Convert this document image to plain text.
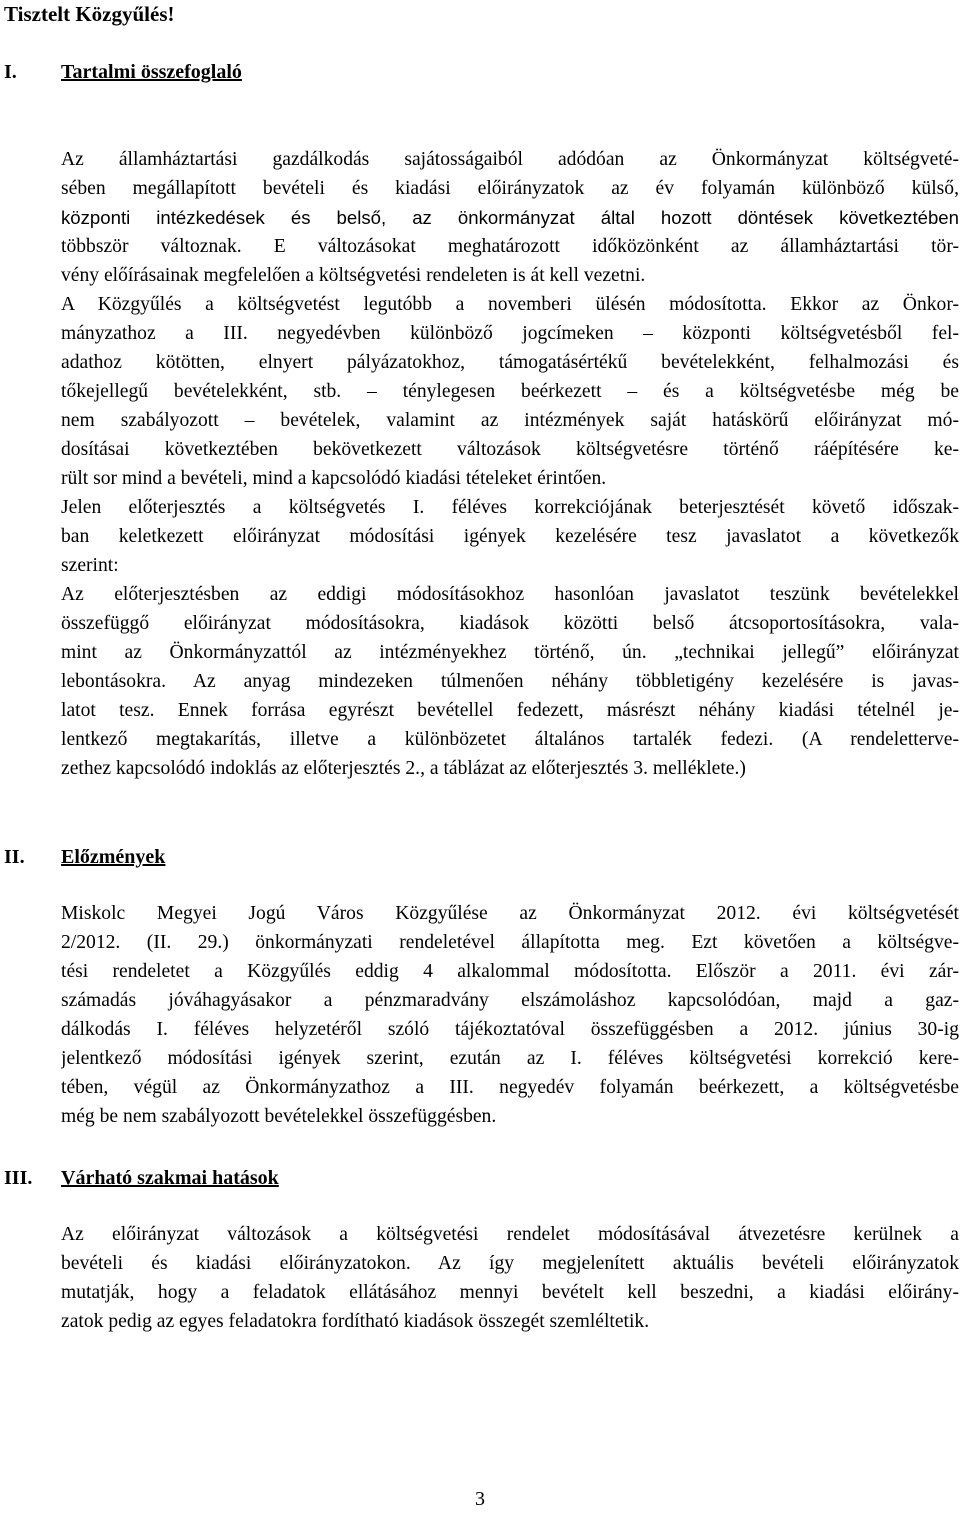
Tisztelt Közgyűlés!
I. Tartalmi összefoglaló
Az államháztartási gazdálkodás sajátosságaiból adódóan az Önkormányzat költségveté-
sében megállapított bevételi és kiadási előirányzatok az év folyamán különböző külső,
központi intézkedések és belső, az önkormányzat által hozott döntések következtében
többször változnak. E változásokat meghatározott időközönként az államháztartási tör-
vény előírásainak megfelelően a költségvetési rendeleten is át kell vezetni.
A Közgyűlés a költségvetést legutóbb a novemberi ülésén módosította. Ekkor az Önkor-
mányzathoz a III. negyedévben különböző jogcímeken – központi költségvetésből fel-
adathoz kötötten, elnyert pályázatokhoz, támogatásértékű bevételekként, felhalmozási és
tőkejellegű bevételekként, stb. – ténylegesen beérkezett – és a költségvetésbe még be
nem szabályozott – bevételek, valamint az intézmények saját hatáskörű előirányzat mó-
dosításai következtében bekövetkezett változások költségvetésre történő ráépítésére ke-
rült sor mind a bevételi, mind a kapcsolódó kiadási tételeket érintően.
Jelen előterjesztés a költségvetés I. féléves korrekciójának beterjesztését követő időszak-
ban keletkezett előirányzat módosítási igények kezelésére tesz javaslatot a következők
szerint:
Az előterjesztésben az eddigi módosításokhoz hasonlóan javaslatot teszünk bevételekkel
összefüggő előirányzat módosításokra, kiadások közötti belső átcsoportosításokra, vala-
mint az Önkormányzattól az intézményekhez történő, ún. „technikai jellegű” előirányzat
lebontásokra. Az anyag mindezeken túlmenően néhány többletigény kezelésére is javas-
latot tesz. Ennek forrása egyrészt bevétellel fedezett, másrészt néhány kiadási tételnél je-
lentkező megtakarítás, illetve a különbözetet általános tartalék fedezi. (A rendeletterve-
zethez kapcsolódó indoklás az előterjesztés 2., a táblázat az előterjesztés 3. melléklete.)
II. Előzmények
Miskolc Megyei Jogú Város Közgyűlése az Önkormányzat 2012. évi költségvetését
2/2012. (II. 29.) önkormányzati rendeletével állapította meg. Ezt követően a költségve-
tési rendeletet a Közgyűlés eddig 4 alkalommal módosította. Először a 2011. évi zár-
számadás jóváhagyásakor a pénzmaradvány elszámoláshoz kapcsolódóan, majd a gaz-
dálkodás I. féléves helyzetéről szóló tájékoztatóval összefüggésben a 2012. június 30-ig
jelentkező módosítási igények szerint, ezután az I. féléves költségvetési korrekció kere-
tében, végül az Önkormányzathoz a III. negyedév folyamán beérkezett, a költségvetésbe
még be nem szabályozott bevételekkel összefüggésben.
III. Várható szakmai hatások
Az előirányzat változások a költségvetési rendelet módosításával átvezetésre kerülnek a
bevételi és kiadási előirányzatokon. Az így megjelenített aktuális bevételi előirányzatok
mutatják, hogy a feladatok ellátásához mennyi bevételt kell beszedni, a kiadási előirány-
zatok pedig az egyes feladatokra fordítható kiadások összegét szemléltetik.
3
